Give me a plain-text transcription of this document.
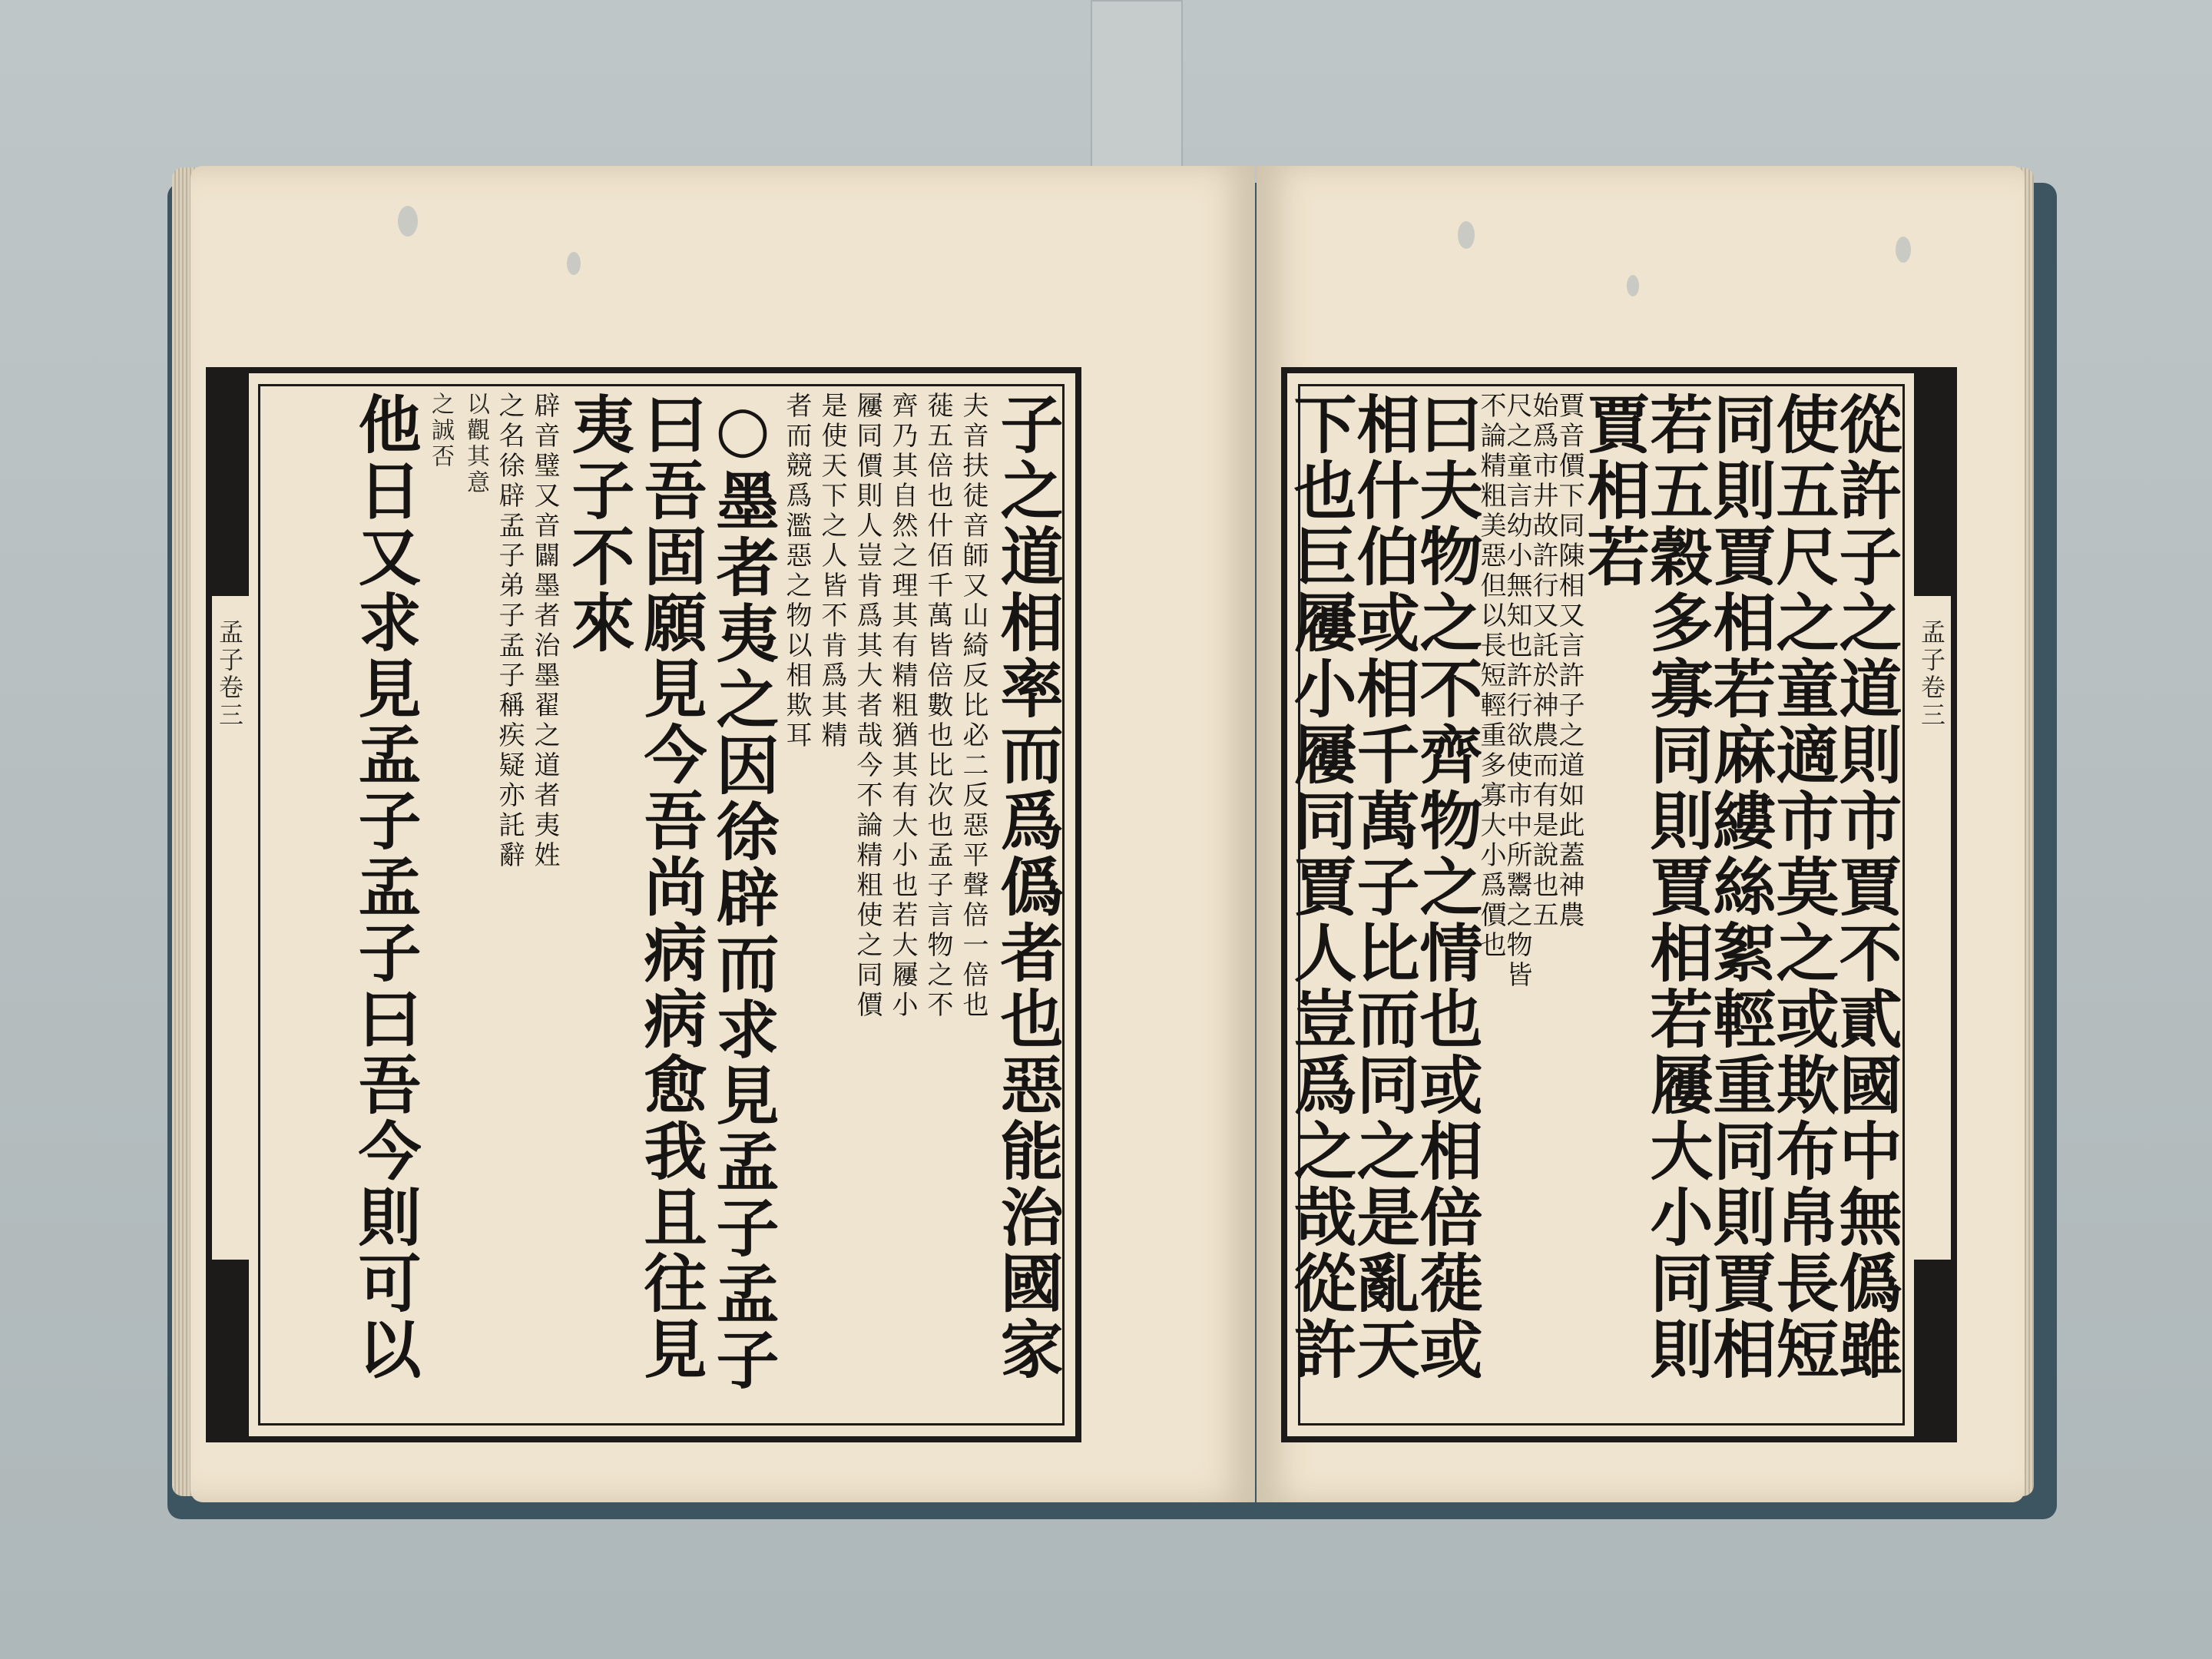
孟子卷三	子之道相率而爲僞者也惡能治國家
夫音扶徒音師又山綺反比必二反惡平聲倍一倍也
蓰五倍也什佰千萬皆倍數也比次也孟子言物之不
齊乃其自然之理其有精粗猶其有大小也若大屨小
屨同價則人豈肯爲其大者哉今不論精粗使之同價
是使天下之人皆不肯爲其精
者而競爲濫惡之物以相欺耳
○墨者夷之因徐辟而求見孟子孟子
曰吾固願見今吾尚病病愈我且往見
夷子不來
辟音璧又音闢墨者治墨翟之道者夷姓
之名徐辟孟子弟子孟子稱疾疑亦託辭
以觀其意
之誠否
他日又求見孟子孟子曰吾今則可以	孟子卷三
從許子之道則市賈不貳國中無僞雖
使五尺之童適市莫之或欺布帛長短
同則賈相若麻縷絲絮輕重同則賈相
若五穀多寡同則賈相若屨大小同則
賈相若
賈音價下同陳相又言許子之道如此蓋神農
始爲市井故許行又託於神農而有是說也五
尺之童言幼小無知也許行欲使市中所鬻之物皆
不論精粗美惡但以長短輕重多寡大小爲價也
曰夫物之不齊物之情也或相倍蓰或
相什伯或相千萬子比而同之是亂天
下也巨屨小屨同賈人豈爲之哉從許
